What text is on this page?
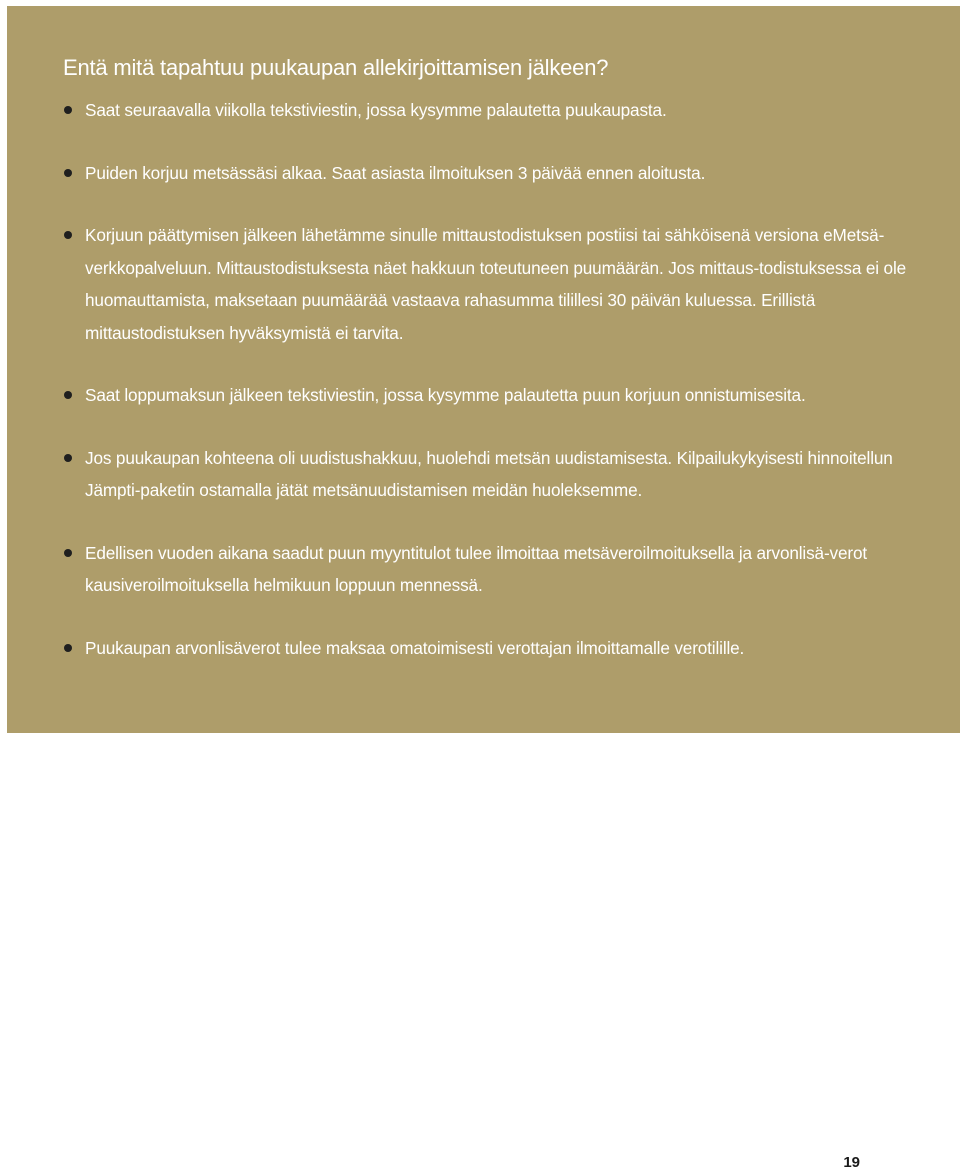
Entä mitä tapahtuu puukaupan allekirjoittamisen jälkeen?
Saat seuraavalla viikolla tekstiviestin, jossa kysymme palautetta puukaupasta.
Puiden korjuu metsässäsi alkaa. Saat asiasta ilmoituksen 3 päivää ennen aloitusta.
Korjuun päättymisen jälkeen lähetämme sinulle mittaustodistuksen postiisi tai sähköisenä versiona eMetsä-verkkopalveluun. Mittaustodistuksesta näet hakkuun toteutuneen puumäärän. Jos mittaus-todistuksessa ei ole huomauttamista, maksetaan puumäärää vastaava rahasumma tilillesi 30 päivän kuluessa. Erillistä mittaustodistuksen hyväksymistä ei tarvita.
Saat loppumaksun jälkeen tekstiviestin, jossa kysymme palautetta puun korjuun onnistumisesita.
Jos puukaupan kohteena oli uudistushakkuu, huolehdi metsän uudistamisesta. Kilpailukykyisesti hinnoitellun Jämpti-paketin ostamalla jätät metsänuudistamisen meidän huoleksemme.
Edellisen vuoden aikana saadut puun myyntitulot tulee ilmoittaa metsäveroilmoituksella ja arvonlisä-verot kausiveroilmoituksella helmikuun loppuun mennessä.
Puukaupan arvonlisäverot tulee maksaa omatoimisesti verottajan ilmoittamalle verotilille.
19
